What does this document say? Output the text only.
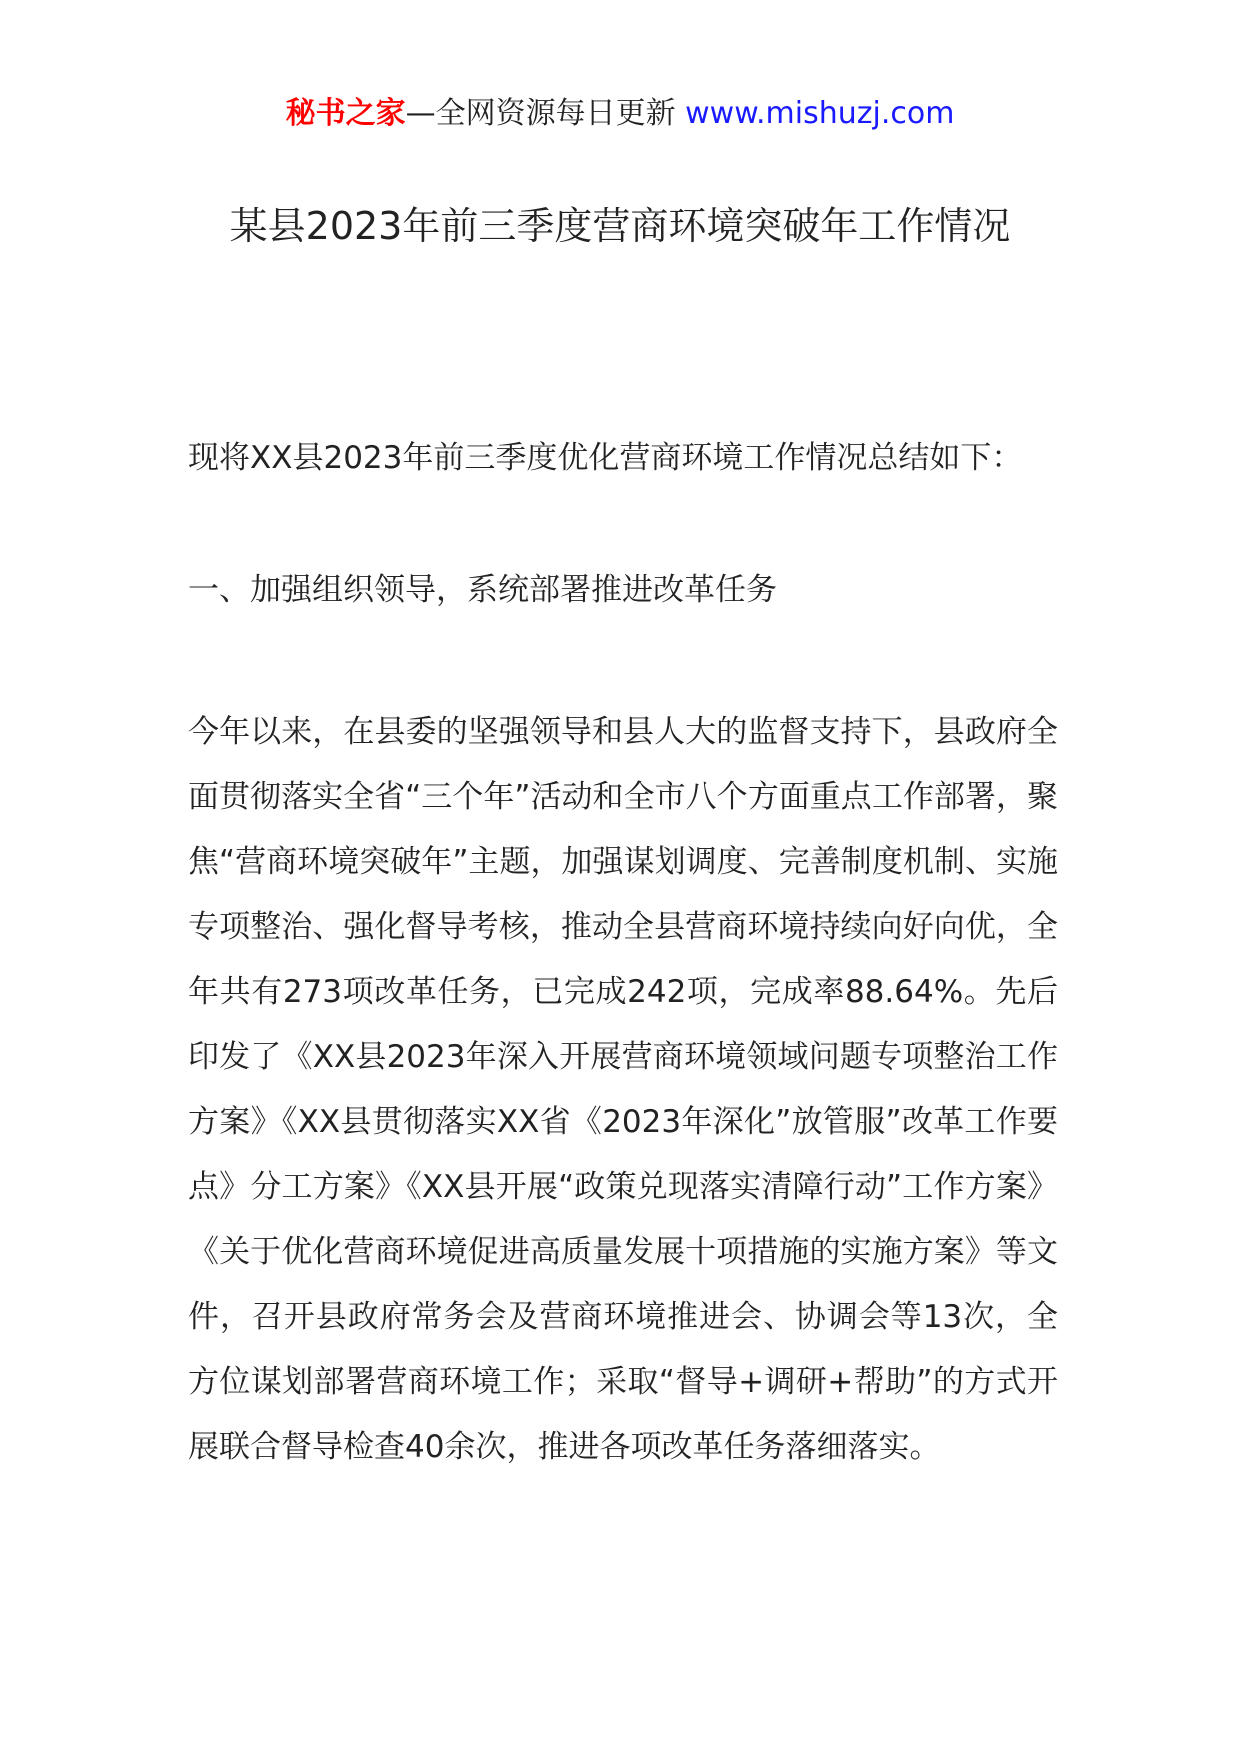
秘书之家—全网资源每日更新 www.mishuzj.com
某县2023年前三季度营商环境突破年工作情况

现将XX县2023年前三季度优化营商环境工作情况总结如下：

一、加强组织领导，系统部署推进改革任务

今年以来，在县委的坚强领导和县人大的监督支持下，县政府全面贯彻落实全省“三个年”活动和全市八个方面重点工作部署，聚焦“营商环境突破年”主题，加强谋划调度、完善制度机制、实施专项整治、强化督导考核，推动全县营商环境持续向好向优，全年共有273项改革任务，已完成242项，完成率88.64%。先后印发了《XX县2023年深入开展营商环境领域问题专项整治工作方案》《XX县贯彻落实XX省《2023年深化”放管服”改革工作要点》分工方案》《XX县开展“政策兑现落实清障行动”工作方案》《关于优化营商环境促进高质量发展十项措施的实施方案》等文件，召开县政府常务会及营商环境推进会、协调会等13次，全方位谋划部署营商环境工作；采取“督导+调研+帮助”的方式开展联合督导检查40余次，推进各项改革任务落细落实。
